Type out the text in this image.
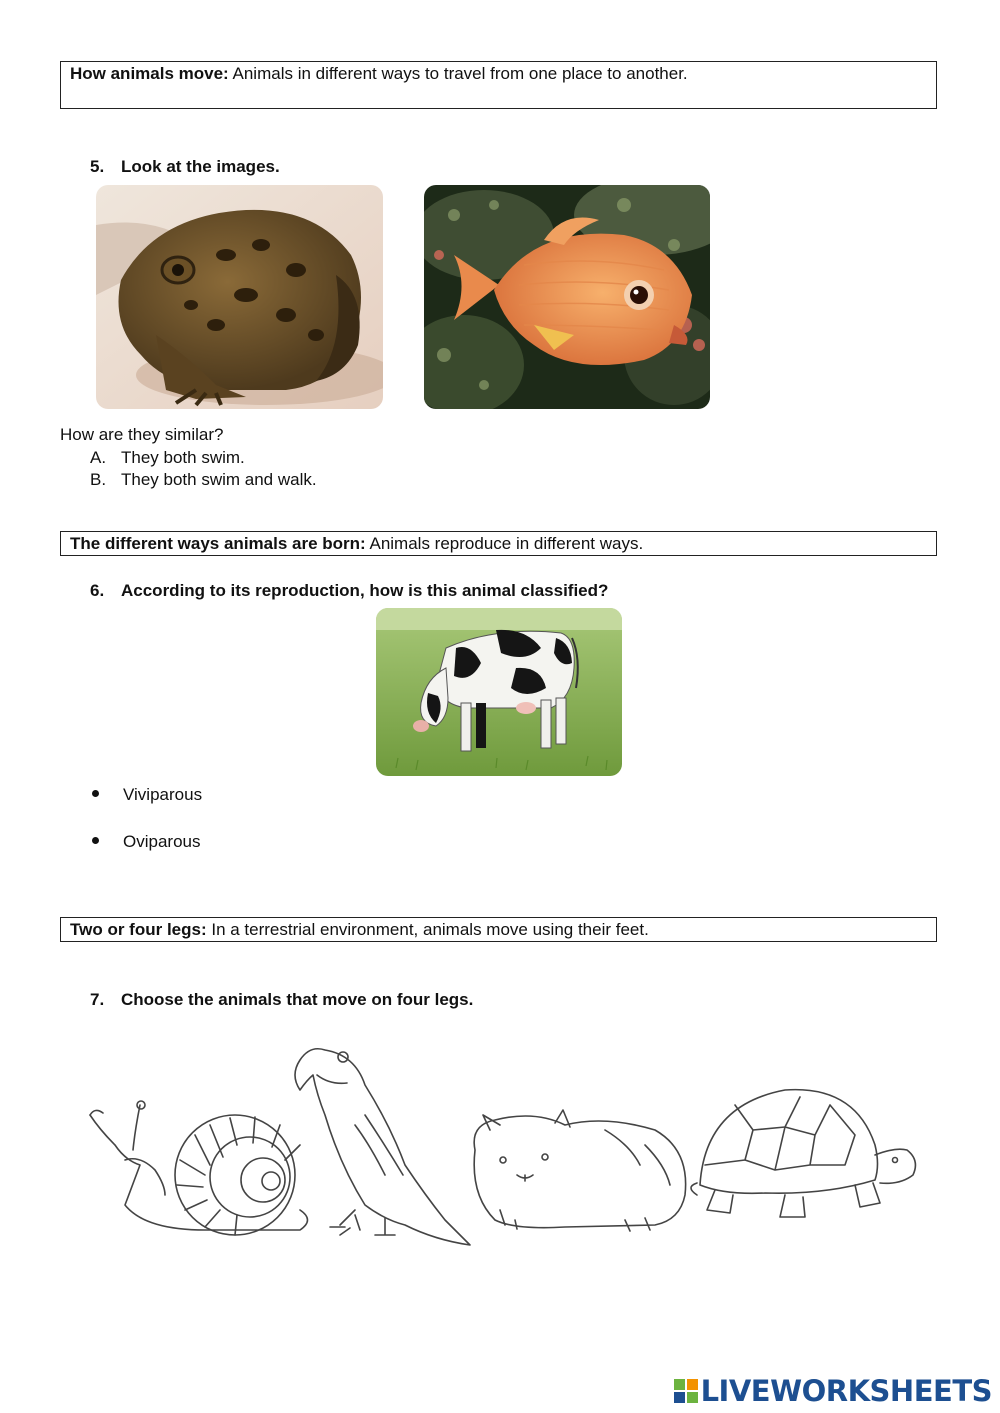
How animals move: Animals in different ways to travel from one place to another.
5. Look at the images.
How are they similar?
A. They both swim.
B. They both swim and walk.
The different ways animals are born: Animals reproduce in different ways.
6. According to its reproduction, how is this animal classified?
Viviparous
Oviparous
Two or four legs: In a terrestrial environment, animals move using their feet.
7. Choose the animals that move on four legs.
LIVEWORKSHEETS
